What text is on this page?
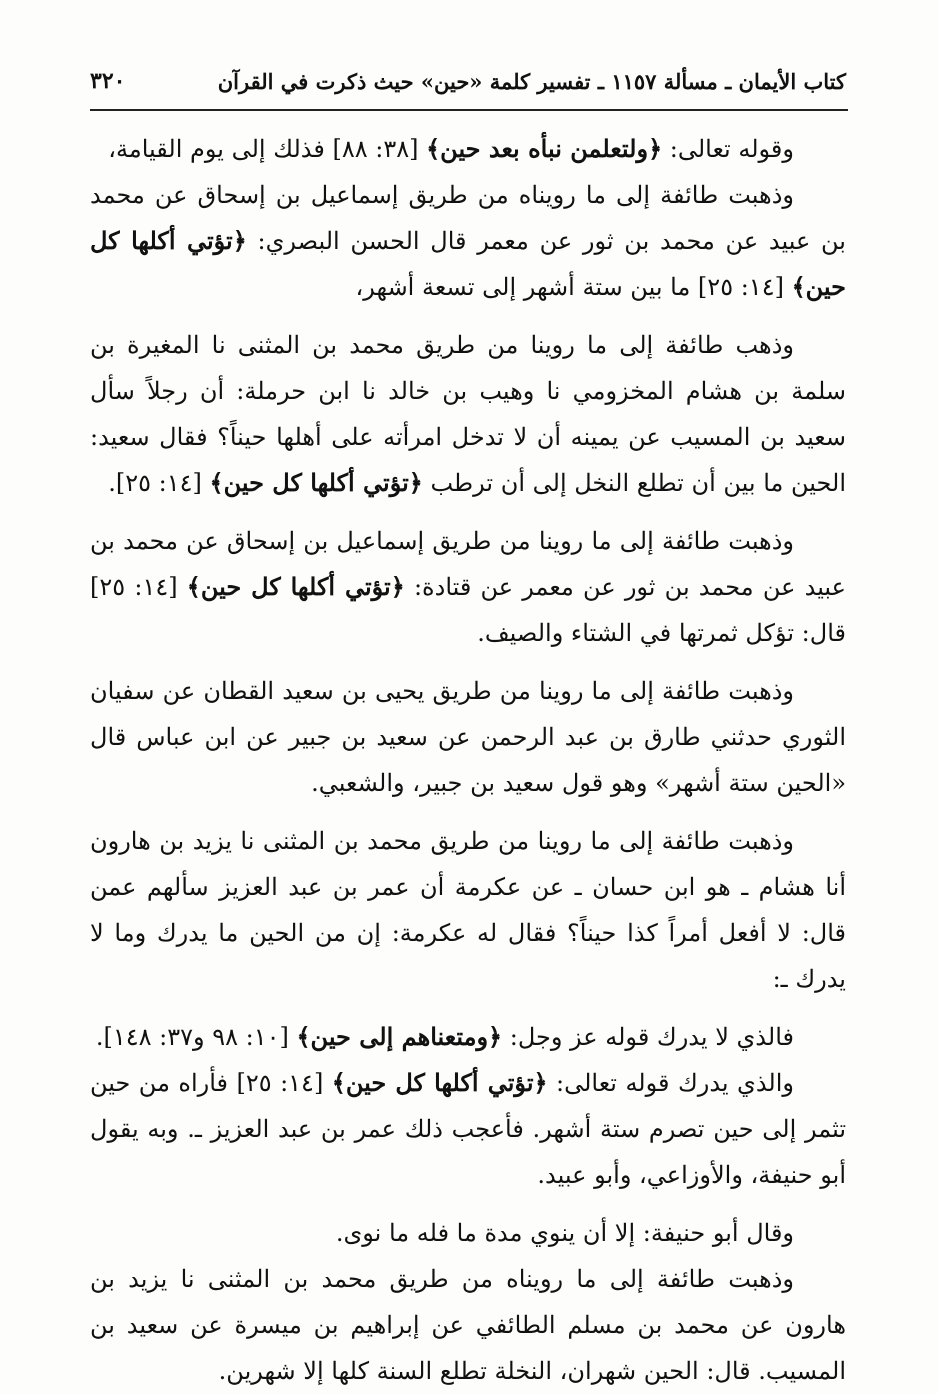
كتاب الأيمان ـ مسألة ١١٥٧ ـ تفسير كلمة «حين» حيث ذكرت في القرآن
٣٢٠

وقوله تعالى: ﴿ولتعلمن نبأه بعد حين﴾ [٣٨: ٨٨] فذلك إلى يوم القيامة،

وذهبت طائفة إلى ما رويناه من طريق إسماعيل بن إسحاق عن محمد بن عبيد عن محمد بن ثور عن معمر قال الحسن البصري: ﴿تؤتي أكلها كل حين﴾ [١٤: ٢٥] ما بين ستة أشهر إلى تسعة أشهر،

وذهب طائفة إلى ما روينا من طريق محمد بن المثنى نا المغيرة بن سلمة بن هشام المخزومي نا وهيب بن خالد نا ابن حرملة: أن رجلاً سأل سعيد بن المسيب عن يمينه أن لا تدخل امرأته على أهلها حيناً؟ فقال سعيد: الحين ما بين أن تطلع النخل إلى أن ترطب ﴿تؤتي أكلها كل حين﴾ [١٤: ٢٥].

وذهبت طائفة إلى ما روينا من طريق إسماعيل بن إسحاق عن محمد بن عبيد عن محمد بن ثور عن معمر عن قتادة: ﴿تؤتي أكلها كل حين﴾ [١٤: ٢٥] قال: تؤكل ثمرتها في الشتاء والصيف.

وذهبت طائفة إلى ما روينا من طريق يحيى بن سعيد القطان عن سفيان الثوري حدثني طارق بن عبد الرحمن عن سعيد بن جبير عن ابن عباس قال «الحين ستة أشهر» وهو قول سعيد بن جبير، والشعبي.

وذهبت طائفة إلى ما روينا من طريق محمد بن المثنى نا يزيد بن هارون أنا هشام ـ هو ابن حسان ـ عن عكرمة أن عمر بن عبد العزيز سألهم عمن قال: لا أفعل أمراً كذا حيناً؟ فقال له عكرمة: إن من الحين ما يدرك وما لا يدرك ـ:

فالذي لا يدرك قوله عز وجل: ﴿ومتعناهم إلى حين﴾ [١٠: ٩٨ و٣٧: ١٤٨].

والذي يدرك قوله تعالى: ﴿تؤتي أكلها كل حين﴾ [١٤: ٢٥] فأراه من حين تثمر إلى حين تصرم ستة أشهر. فأعجب ذلك عمر بن عبد العزيز ـ. وبه يقول أبو حنيفة، والأوزاعي، وأبو عبيد.

وقال أبو حنيفة: إلا أن ينوي مدة ما فله ما نوى.

وذهبت طائفة إلى ما رويناه من طريق محمد بن المثنى نا يزيد بن هارون عن محمد بن مسلم الطائفي عن إبراهيم بن ميسرة عن سعيد بن المسيب. قال: الحين شهران، النخلة تطلع السنة كلها إلا شهرين.
